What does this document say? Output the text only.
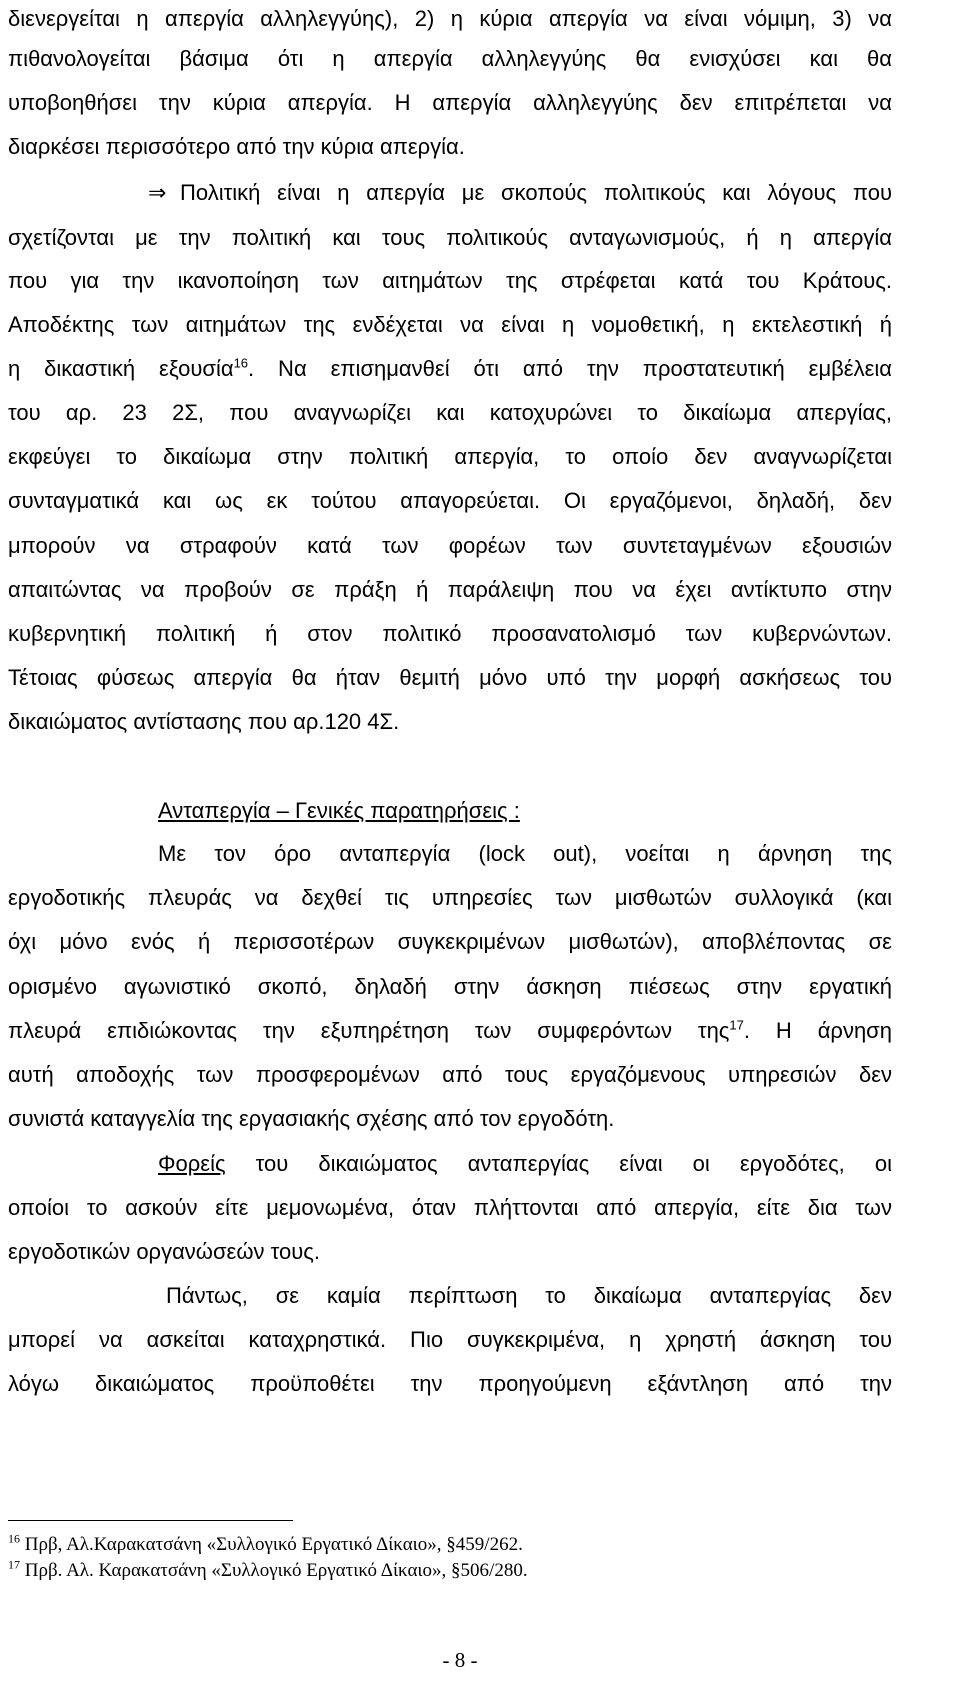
διενεργείται η απεργία αλληλεγγύης), 2) η κύρια απεργία να είναι νόμιμη, 3) να
πιθανολογείται βάσιμα ότι η απεργία αλληλεγγύης θα ενισχύσει και θα
υποβοηθήσει την κύρια απεργία. Η απεργία αλληλεγγύης δεν επιτρέπεται να
διαρκέσει περισσότερο από την κύρια απεργία.
⇒ Πολιτική είναι η απεργία με σκοπούς πολιτικούς και λόγους που
σχετίζονται με την πολιτική και τους πολιτικούς ανταγωνισμούς, ή η απεργία
που για την ικανοποίηση των αιτημάτων της στρέφεται κατά του Κράτους.
Αποδέκτης των αιτημάτων της ενδέχεται να είναι η νομοθετική, η εκτελεστική ή
η δικαστική εξουσία$^{16}$. Να επισημανθεί ότι από την προστατευτική εμβέλεια
του αρ. 23 2Σ, που αναγνωρίζει και κατοχυρώνει το δικαίωμα απεργίας,
εκφεύγει το δικαίωμα στην πολιτική απεργία, το οποίο δεν αναγνωρίζεται
συνταγματικά και ως εκ τούτου απαγορεύεται. Οι εργαζόμενοι, δηλαδή, δεν
μπορούν να στραφούν κατά των φορέων των συντεταγμένων εξουσιών
απαιτώντας να προβούν σε πράξη ή παράλειψη που να έχει αντίκτυπο στην
κυβερνητική πολιτική ή στον πολιτικό προσανατολισμό των κυβερνώντων.
Τέτοιας φύσεως απεργία θα ήταν θεμιτή μόνο υπό την μορφή ασκήσεως του
δικαιώματος αντίστασης που αρ.120 4Σ.
Ανταπεργία – Γενικές παρατηρήσεις :
Με τον όρο ανταπεργία (lock out), νοείται η άρνηση της
εργοδοτικής πλευράς να δεχθεί τις υπηρεσίες των μισθωτών συλλογικά (και
όχι μόνο ενός ή περισσοτέρων συγκεκριμένων μισθωτών), αποβλέποντας σε
ορισμένο αγωνιστικό σκοπό, δηλαδή στην άσκηση πιέσεως στην εργατική
πλευρά επιδιώκοντας την εξυπηρέτηση των συμφερόντων της$^{17}$. Η άρνηση
αυτή αποδοχής των προσφερομένων από τους εργαζόμενους υπηρεσιών δεν
συνιστά καταγγελία της εργασιακής σχέσης από τον εργοδότη.
Φορείς του δικαιώματος ανταπεργίας είναι οι εργοδότες, οι
οποίοι το ασκούν είτε μεμονωμένα, όταν πλήττονται από απεργία, είτε δια των
εργοδοτικών οργανώσεών τους.
Πάντως, σε καμία περίπτωση το δικαίωμα ανταπεργίας δεν
μπορεί να ασκείται καταχρηστικά. Πιο συγκεκριμένα, η χρηστή άσκηση του
λόγω δικαιώματος προϋποθέτει την προηγούμενη εξάντληση από την
$^{16}$ Πρβ, Αλ.Καρακατσάνη «Συλλογικό Εργατικό Δίκαιο», §459/262.
$^{17}$ Πρβ. Αλ. Καρακατσάνη «Συλλογικό Εργατικό Δίκαιο», §506/280.
- 8 -
